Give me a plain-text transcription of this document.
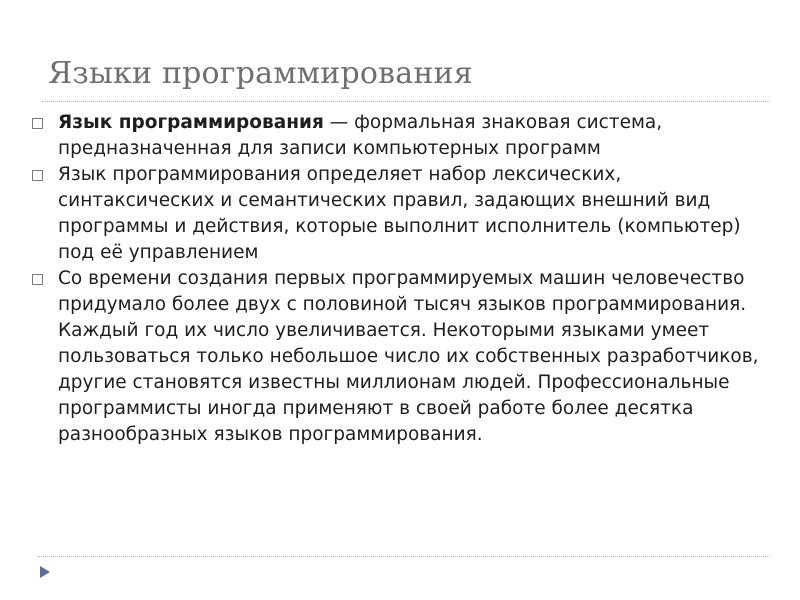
Языки программирования
Язык программирования — формальная знаковая система, предназначенная для записи компьютерных программ
Язык программирования определяет набор лексических, синтаксических и семантических правил, задающих внешний вид программы и действия, которые выполнит исполнитель (компьютер) под её управлением
Со времени создания первых программируемых машин человечество придумало более двух с половиной тысяч языков программирования. Каждый год их число увеличивается. Некоторыми языками умеет пользоваться только небольшое число их собственных разработчиков, другие становятся известны миллионам людей. Профессиональные программисты иногда применяют в своей работе более десятка разнообразных языков программирования.
